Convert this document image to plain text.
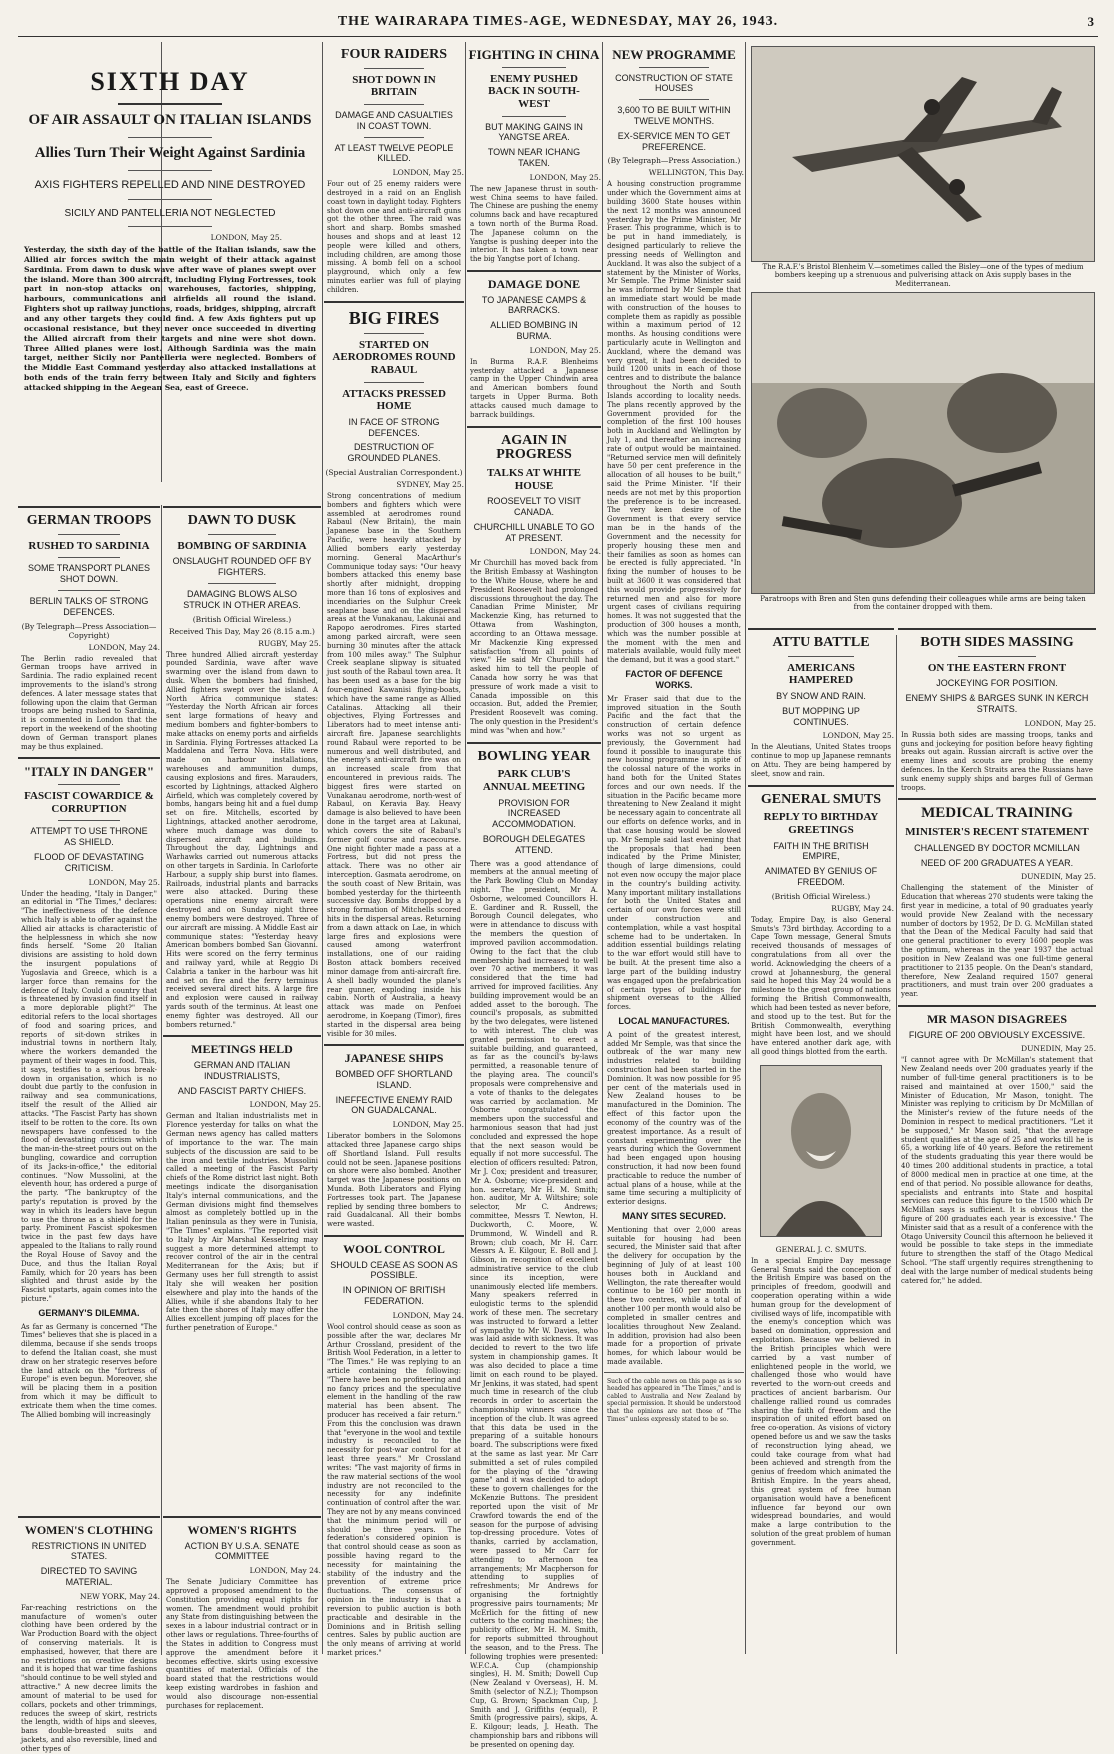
THE WAIRARAPA TIMES-AGE, WEDNESDAY, MAY 26, 1943.	3
SIXTH DAY
OF AIR ASSAULT ON ITALIAN ISLANDS
Allies Turn Their Weight Against Sardinia
AXIS FIGHTERS REPELLED AND NINE DESTROYED
SICILY AND PANTELLERIA NOT NEGLECTED
LONDON, May 25.
Yesterday, the sixth day of the battle of the Italian islands, saw the Allied air forces switch the main weight of their attack against Sardinia. From dawn to dusk wave after wave of planes swept over the island. More than 300 aircraft, including Flying Fortresses, took part in non-stop attacks on warehouses, factories, shipping, harbours, communications and airfields all round the island. Fighters shot up railway junctions, roads, bridges, shipping, aircraft and any other targets they could find. A few Axis fighters put up occasional resistance, but they never once succeeded in diverting the Allied aircraft from their targets and nine were shot down. Three Allied planes were lost. Although Sardinia was the main target, neither Sicily nor Pantelleria were neglected. Bombers of the Middle East Command yesterday also attacked installations at both ends of the train ferry between Italy and Sicily and fighters attacked shipping in the Aegean Sea, east of Greece.
GERMAN TROOPS
RUSHED TO SARDINIA
SOME TRANSPORT PLANES SHOT DOWN.
BERLIN TALKS OF STRONG DEFENCES.
(By Telegraph—Press Association—Copyright)
LONDON, May 24.
The Berlin radio revealed that German troops have arrived in Sardinia. The radio explained recent improvements to the island's strong defences. A later message states that following upon the claim that German troops are being rushed to Sardinia, it is commented in London that the report in the weekend of the shooting down of German transport planes may be thus explained.
"ITALY IN DANGER"
FASCIST COWARDICE & CORRUPTION
ATTEMPT TO USE THRONE AS SHIELD.
FLOOD OF DEVASTATING CRITICISM.
LONDON, May 25.
Under the heading, "Italy in Danger," an editorial in "The Times," declares: "The ineffectiveness of the defence which Italy is able to offer against the Allied air attacks is characteristic of the helplessness in which she now finds herself. "Some 20 Italian divisions are assisting to hold down the insurgent populations of Yugoslavia and Greece, which is a larger force than remains for the defence of Italy. Could a country that is threatened by invasion find itself in a more deplorable plight?" The editorial refers to the local shortages of food and soaring prices, and reports of sit-down strikes in industrial towns in northern Italy, where the workers demanded the payment of their wages in food. This, it says, testifies to a serious break-down in organisation, which is no doubt due partly to the confusion in railway and sea communications, itself the result of the Allied air attacks. "The Fascist Party has shown itself to be rotten to the core. Its own newspapers have confessed to the flood of devastating criticism which the man-in-the-street pours out on the bungling, cowardice and corruption of its Jacks-in-office," the editorial continues. "Now Mussolini, at the eleventh hour, has ordered a purge of the party. "The bankruptcy of the party's reputation is proved by the way in which its leaders have begun to use the throne as a shield for the party. Prominent Fascist spokesmen twice in the past few days have appealed to the Italians to rally round the Royal House of Savoy and the Duce, and thus the Italian Royal Family, which for 20 years has been slighted and thrust aside by the Fascist upstarts, again comes into the picture."
GERMANY'S DILEMMA.
As far as Germany is concerned "The Times" believes that she is placed in a dilemma, because if she sends troops to defend the Italian coast, she must draw on her strategic reserves before the land attack on the "fortress of Europe" is even begun. Moreover, she will be placing them in a position from which it may be difficult to extricate them when the time comes. The Allied bombing will increasingly
DAWN TO DUSK
BOMBING OF SARDINIA
ONSLAUGHT ROUNDED OFF BY FIGHTERS.
DAMAGING BLOWS ALSO STRUCK IN OTHER AREAS.
(British Official Wireless.)
Received This Day, May 26 (8.15 a.m.)
RUGBY, May 25.
Three hundred Allied aircraft yesterday pounded Sardinia, wave after wave swarming over the island from dawn to dusk. When the bombers had finished, Allied fighters swept over the island. A North Africa communique states: "Yesterday the North African air forces sent large formations of heavy and medium bombers and fighter-bombers to make attacks on enemy ports and airfields in Sardinia. Flying Fortresses attacked La Maddalena and Terra Nova. Hits were made on harbour installations, warehouses and ammunition dumps, causing explosions and fires. Marauders, escorted by Lightnings, attacked Alghero Airfield, which was completely covered by bombs, hangars being hit and a fuel dump set on fire. Mitchells, escorted by Lightnings, attacked another aerodrome, where much damage was done to dispersed aircraft and buildings. Throughout the day, Lightnings and Warhawks carried out numerous attacks on other targets in Sardinia. In Carloforte Harbour, a supply ship burst into flames. Railroads, industrial plants and barracks were also attacked. During these operations nine enemy aircraft were destroyed and on Sunday night three enemy bombers were destroyed. Three of our aircraft are missing. A Middle East air communique states: "Yesterday heavy American bombers bombed San Giovanni. Hits were scored on the ferry terminus and railway yard, while at Reggio Di Calabria a tanker in the harbour was hit and set on fire and the ferry terminus received several direct hits. A large fire and explosion were caused in railway yards south of the terminus. At least one enemy fighter was destroyed. All our bombers returned."
MEETINGS HELD
GERMAN AND ITALIAN INDUSTRIALISTS,
AND FASCIST PARTY CHIEFS.
LONDON, May 25.
German and Italian industrialists met in Florence yesterday for talks on what the German news agency has called matters of importance to the war. The main subjects of the discussion are said to be the iron and textile industries. Mussolini called a meeting of the Fascist Party chiefs of the Rome district last night. Both meetings indicate the disorganisation Italy's internal communications, and the German divisions might find themselves almost as completely bottled up in the Italian peninsula as they were in Tunisia, "The Times" explains. "The reported visit to Italy by Air Marshal Kesselring may suggest a more determined attempt to recover control of the air in the central Mediterranean for the Axis; but if Germany uses her full strength to assist Italy she will weaken her position elsewhere and play into the hands of the Allies, while if she abandons Italy to her fate then the shores of Italy may offer the Allies excellent jumping off places for the further penetration of Europe."
WOMEN'S CLOTHING
RESTRICTIONS IN UNITED STATES.
DIRECTED TO SAVING MATERIAL.
NEW YORK, May 24.
Far-reaching restrictions on the manufacture of women's outer clothing have been ordered by the War Production Board with the object of conserving materials. It is emphasised, however, that there are no restrictions on creative designs and it is hoped that war time fashions "should continue to be well styled and attractive." A new decree limits the amount of material to be used for collars, pockets and other trimmings, reduces the sweep of skirt, restricts the length, width of hips and sleeves, bans double-breasted suits and jackets, and also reversible, lined and other types of
WOMEN'S RIGHTS
ACTION BY U.S.A. SENATE COMMITTEE
LONDON, May 24.
The Senate Judiciary Committee has approved a proposed amendment to the Constitution providing equal rights for women. The amendment would prohibit any State from distinguishing between the sexes in a labour industrial contract or in other laws or regulations. Three-fourths of the States in addition to Congress must approve the amendment before it becomes effective. skirts using excessive quantities of material. Officials of the board stated that the restrictions would keep existing wardrobes in fashion and would also discourage non-essential purchases for replacement.
FOUR RAIDERS
SHOT DOWN IN BRITAIN
DAMAGE AND CASUALTIES IN COAST TOWN.
AT LEAST TWELVE PEOPLE KILLED.
LONDON, May 25.
Four out of 25 enemy raiders were destroyed in a raid on an English coast town in daylight today. Fighters shot down one and anti-aircraft guns got the other three. The raid was short and sharp. Bombs smashed houses and shops and at least 12 people were killed and others, including children, are among those missing. A bomb fell on a school playground, which only a few minutes earlier was full of playing children.
BIG FIRES
STARTED ON AERODROMES ROUND RABAUL
ATTACKS PRESSED HOME
IN FACE OF STRONG DEFENCES.
DESTRUCTION OF GROUNDED PLANES.
(Special Australian Correspondent.)
SYDNEY, May 25.
Strong concentrations of medium bombers and fighters which were assembled at aerodromes round Rabaul (New Britain), the main Japanese base in the Southern Pacific, were heavily attacked by Allied bombers early yesterday morning. General MacArthur's Communique today says: "Our heavy bombers attacked this enemy base shortly after midnight, dropping more than 16 tons of explosives and incendiaries on the Sulphur Creek seaplane base and on the dispersal areas at the Vunakanau, Lakunai and Rapopo aerodromes. Fires started among parked aircraft, were seen burning 30 minutes after the attack from 100 miles away." The Sulphur Creek seaplane slipway is situated just south of the Rabaul town area. It has been used as a base for the big four-engined Kawanisi flying-boats, which have the same range as Allied Catalinas. Attacking all their objectives, Flying Fortresses and Liberators had to meet intense anti-aircraft fire. Japanese searchlights round Rabaul were reported to be numerous and well distributed, and the enemy's anti-aircraft fire was on an increased scale from that encountered in previous raids. The biggest fires were started on Vunakanau aerodrome, north-west of Rabaul, on Keravia Bay. Heavy damage is also believed to have been done in the target area at Lakunai, which covers the site of Rabaul's former golf course and racecourse. One night fighter made a pass at a Fortress, but did not press the attack. There was no other air interception. Gasmata aerodrome, on the south coast of New Britain, was bombed yesterday for the thirteenth successive day. Bombs dropped by a strong formation of Mitchells scored hits in the dispersal areas. Returning from a dawn attack on Lae, in which large fires and explosions were caused among waterfront installations, one of our raiding Boston attack bombers received minor damage from anti-aircraft fire. A shell badly wounded the plane's rear gunner, exploding inside his cabin. North of Australia, a heavy attack was made on Penfoei aerodrome, in Koepang (Timor), fires started in the dispersal area being visible for 30 miles.
JAPANESE SHIPS
BOMBED OFF SHORTLAND ISLAND.
INEFFECTIVE ENEMY RAID ON GUADALCANAL.
LONDON, May 25.
Liberator bombers in the Solomons attacked three Japanese cargo ships off Shortland Island. Full results could not be seen. Japanese positions on shore were also bombed. Another target was the Japanese positions on Munda. Both Liberators and Flying Fortresses took part. The Japanese replied by sending three bombers to raid Guadalcanal. All their bombs were wasted.
WOOL CONTROL
SHOULD CEASE AS SOON AS POSSIBLE.
IN OPINION OF BRITISH FEDERATION.
LONDON, May 24.
Wool control should cease as soon as possible after the war, declares Mr Arthur Crossland, president of the British Wool Federation, in a letter to "The Times." He was replying to an article containing the following: "There have been no profiteering and no fancy prices and the speculative element in the handling of the raw material has been absent. The producer has received a fair return." From this the conclusion was drawn that "everyone in the wool and textile industry is reconciled to the necessity for post-war control for at least three years." Mr Crossland writes: "The vast majority of firms in the raw material sections of the wool industry are not reconciled to the necessity for any indefinite continuation of control after the war. They are not by any means convinced that the minimum period will or should be three years. The federation's considered opinion is that control should cease as soon as possible having regard to the necessity for maintaining the stability of the industry and the prevention of extreme price fluctuations. The consensus of opinion in the industry is that a reversion to public auction is both practicable and desirable in the Dominions and in British selling centres. Sales by public auction are the only means of arriving at world market prices."
FIGHTING IN CHINA
ENEMY PUSHED BACK IN SOUTH-WEST
BUT MAKING GAINS IN YANGTSE AREA.
TOWN NEAR ICHANG TAKEN.
LONDON, May 25.
The new Japanese thrust in south-west China seems to have failed. The Chinese are pushing the enemy columns back and have recaptured a town north of the Burma Road. The Japanese column on the Yangtse is pushing deeper into the interior. It has taken a town near the big Yangtse port of Ichang.
DAMAGE DONE
TO JAPANESE CAMPS & BARRACKS.
ALLIED BOMBING IN BURMA.
LONDON, May 25.
In Burma R.A.F. Blenheims yesterday attacked a Japanese camp in the Upper Chindwin area and American bombers found targets in Upper Burma. Both attacks caused much damage to barrack buildings.
AGAIN IN PROGRESS
TALKS AT WHITE HOUSE
ROOSEVELT TO VISIT CANADA.
CHURCHILL UNABLE TO GO AT PRESENT.
LONDON, May 24.
Mr Churchill has moved back from the British Embassy at Washington to the White House, where he and President Roosevelt had prolonged discussions throughout the day. The Canadian Prime Minister, Mr Mackenzie King, has returned to Ottawa from Washington, according to an Ottawa message. Mr Mackenzie King expressed satisfaction "from all points of view." He said Mr Churchill had asked him to tell the people of Canada how sorry he was that pressure of work made a visit to Canada impossible on this occasion. But, added the Premier, President Roosevelt was coming. The only question in the President's mind was "when and how."
BOWLING YEAR
PARK CLUB'S ANNUAL MEETING
PROVISION FOR INCREASED ACCOMMODATION.
BOROUGH DELEGATES ATTEND.
There was a good attendance of members at the annual meeting of the Park Bowling Club on Monday night. The president, Mr A. Osborne, welcomed Councillors H. E. Gardiner and R. Russell, the Borough Council delegates, who were in attendance to discuss with the members the question of improved pavilion accommodation. Owing to the fact that the club membership had increased to well over 70 active members, it was considered that the time had arrived for improved facilities. Any building improvement would be an added asset to the borough. The council's proposals, as submitted by the two delegates, were listened to with interest. The club was granted permission to erect a suitable building, and guaranteed, as far as the council's by-laws permitted, a reasonable tenure of the playing area. The council's proposals were comprehensive and a vote of thanks to the delegates was carried by acclamation. Mr Osborne congratulated the members upon the successful and harmonious season that had just concluded and expressed the hope that the next season would be equally if not more successful. The election of officers resulted: Patron, Mr J. Cox; president and treasurer, Mr A. Osborne; vice-president and hon. secretary, Mr H. M. Smith; hon. auditor, Mr A. Wiltshire; sole selector, Mr C. Andrews; committee, Messrs T. Newton, H. Duckworth, C. Moore, W. Drummond, W. Windell and R. Brown; club coach, Mr H. Carr. Messrs A. E. Kilgour, E. Boll and J. Gibson, in recognition of excellent administrative service to the club since its inception, were unanimously elected life members. Many speakers referred in eulogistic terms to the splendid work of these men. The secretary was instructed to forward a letter of sympathy to Mr W. Davies, who was laid aside with sickness. It was decided to revert to the two life system in championship games. It was also decided to place a time limit on each round to be played. Mr Jenkins, it was stated, had spent much time in research of the club records in order to ascertain the championship winners since the inception of the club. It was agreed that this data be used in the preparing of a suitable honours board. The subscriptions were fixed at the same as last year. Mr Carr submitted a set of rules compiled for the playing of the "drawing game" and it was decided to adopt these to govern challenges for the McKenzie Buttons. The president reported upon the visit of Mr Crawford towards the end of the season for the purpose of advising top-dressing procedure. Votes of thanks, carried by acclamation, were passed to Mr Carr for attending to afternoon tea arrangements; Mr Macpherson for attending to supplies of refreshments; Mr Andrews for organising the fortnightly progressive pairs tournaments; Mr McErlich for the fitting of new cutters to the coring machines; the publicity officer, Mr H. M. Smith, for reports submitted throughout the season, and to the Press. The following trophies were presented: W.F.C.A. Cup (championship singles), H. M. Smith; Dowell Cup (New Zealand v Overseas), H. M. Smith (selector of N.Z.); Thompson Cup, G. Brown; Spackman Cup, J. Smith and J. Griffiths (equal), P. Smith (progressive pairs), skips, A. E. Kilgour; leads, J. Heath. The championship bars and ribbons will be presented on opening day.
NEW PROGRAMME
CONSTRUCTION OF STATE HOUSES
3,600 TO BE BUILT WITHIN TWELVE MONTHS.
EX-SERVICE MEN TO GET PREFERENCE.
(By Telegraph—Press Association.)
WELLINGTON, This Day.
A housing construction programme under which the Government aims at building 3600 State houses within the next 12 months was announced yesterday by the Prime Minister, Mr Fraser. This programme, which is to be put in hand immediately, is designed particularly to relieve the pressing needs of Wellington and Auckland. It was also the subject of a statement by the Minister of Works, Mr Semple. The Prime Minister said he was informed by Mr Semple that an immediate start would be made with construction of the houses to complete them as rapidly as possible within a maximum period of 12 months. As housing conditions were particularly acute in Wellington and Auckland, where the demand was very great, it had been decided to build 1200 units in each of those centres and to distribute the balance throughout the North and South Islands according to locality needs. The plans recently approved by the Government provided for the completion of the first 100 houses both in Auckland and Wellington by July 1, and thereafter an increasing rate of output would be maintained. "Returned service men will definitely have 50 per cent preference in the allocation of all houses to be built," said the Prime Minister. "If their needs are not met by this proportion the preference is to be increased. The very keen desire of the Government is that every service man be in the hands of the Government and the necessity for properly housing these men and their families as soon as homes can be erected is fully appreciated. "In fixing the number of houses to be built at 3600 it was considered that this would provide progressively for returned men and also for more urgent cases of civilians requiring homes. It was not suggested that the production of 300 houses a month, which was the number possible at the moment with the men and materials available, would fully meet the demand, but it was a good start."
FACTOR OF DEFENCE WORKS.
Mr Fraser said that due to the improved situation in the South Pacific and the fact that the construction of certain defence works was not so urgent as previously, the Government had found it possible to inaugurate this new housing programme in spite of the colossal nature of the works in hand both for the United States forces and our own needs. If the situation in the Pacific became more threatening to New Zealand it might be necessary again to concentrate all our efforts on defence works, and in that case housing would be slowed up. Mr Semple said last evening that the proposals that had been indicated by the Prime Minister, though of large dimensions, could not even now occupy the major place in the country's building activity. Many important military installations for both the United States and certain of our own forces were still under construction and contemplation, while a vast hospital scheme had to be undertaken. In addition essential buildings relating to the war effort would still have to be built. At the present time also a large part of the building industry was engaged upon the prefabrication of certain types of buildings for shipment overseas to the Allied forces.
LOCAL MANUFACTURES.
A point of the greatest interest, added Mr Semple, was that since the outbreak of the war many new industries related to building construction had been started in the Dominion. It was now possible for 95 per cent of the materials used in New Zealand houses to be manufactured in the Dominion. The effect of this factor upon the economy of the country was of the greatest importance. As a result of constant experimenting over the years during which the Government had been engaged upon housing construction, it had now been found practicable to reduce the number of actual plans of a house, while at the same time securing a multiplicity of exterior designs.
MANY SITES SECURED.
Mentioning that over 2,000 areas suitable for housing had been secured, the Minister said that after the delivery for occupation by the beginning of July of at least 100 houses both in Auckland and Wellington, the rate thereafter would continue to be 160 per month in these two centres, while a total of another 100 per month would also be completed in smaller centres and localities throughout New Zealand. In addition, provision had also been made for a proportion of private homes, for which labour would be made available.
Such of the cable news on this page as is so headed has appeared in "The Times," and is cabled to Australia and New Zealand by special permission. It should be understood that the opinions are not those of "The Times" unless expressly stated to be so.
The R.A.F.'s Bristol Blenheim V.—sometimes called the Bisley—one of the types of medium bombers keeping up a strenuous and pulverising attack on Axis supply bases in the Mediterranean.
Paratroops with Bren and Sten guns defending their colleagues while arms are being taken from the container dropped with them.
ATTU BATTLE
AMERICANS HAMPERED
BY SNOW AND RAIN.
BUT MOPPING UP CONTINUES.
LONDON, May 25.
In the Aleutians, United States troops continue to mop up Japanese remnants on Attu. They are being hampered by sleet, snow and rain.
GENERAL SMUTS
REPLY TO BIRTHDAY GREETINGS
FAITH IN THE BRITISH EMPIRE,
ANIMATED BY GENIUS OF FREEDOM.
(British Official Wireless.)
RUGBY, May 24.
Today, Empire Day, is also General Smuts's 73rd birthday. According to a Cape Town message, General Smuts received thousands of messages of congratulations from all over the world. Acknowledging the cheers of a crowd at Johannesburg, the general said he hoped this May 24 would be a milestone to the great group of nations forming the British Commonwealth, which had been tested as never before, and stood up to the test. But for the British Commonwealth, everything might have been lost, and we should have entered another dark age, with all good things blotted from the earth.
GENERAL J. C. SMUTS.
In a special Empire Day message General Smuts said the conception of the British Empire was based on the principles of freedom, goodwill and cooperation operating within a wide human group for the development of civilised ways of life, incompatible with the enemy's conception which was based on domination, oppression and exploitation. Because we believed in the British principles which were carried by a vast number of enlightened people in the world, we challenged those who would have reverted to the worn-out creeds and practices of ancient barbarism. Our challenge rallied round us comrades sharing the faith of freedom and the inspiration of united effort based on free co-operation. As visions of victory opened before us and we saw the tasks of reconstruction lying ahead, we could take courage from what had been achieved and strength from the genius of freedom which animated the British Empire. In the years ahead, this great system of free human organisation would have a beneficent influence far beyond our own widespread boundaries, and would make a large contribution to the solution of the great problem of human government.
BOTH SIDES MASSING
ON THE EASTERN FRONT
JOCKEYING FOR POSITION.
ENEMY SHIPS & BARGES SUNK IN KERCH STRAITS.
LONDON, May 25.
In Russia both sides are massing troops, tanks and guns and jockeying for position before heavy fighting breaks out again. Russian aircraft is active over the enemy lines and scouts are probing the enemy defences. In the Kerch Straits area the Russians have sunk enemy supply ships and barges full of German troops.
MEDICAL TRAINING
MINISTER'S RECENT STATEMENT
CHALLENGED BY DOCTOR MCMILLAN
NEED OF 200 GRADUATES A YEAR.
DUNEDIN, May 25.
Challenging the statement of the Minister of Education that whereas 270 students were taking the first year in medicine, a total of 90 graduates yearly would provide New Zealand with the necessary number of doctors by 1952, Dr D. G. McMillan stated that the Dean of the Medical Faculty had said that one general practitioner to every 1600 people was the optimum, whereas in the year 1937 the actual position in New Zealand was one full-time general practitioner to 2135 people. On the Dean's standard, therefore, New Zealand required 1507 general practitioners, and must train over 200 graduates a year.
MR MASON DISAGREES
FIGURE OF 200 OBVIOUSLY EXCESSIVE.
DUNEDIN, May 25.
"I cannot agree with Dr McMillan's statement that New Zealand needs over 200 graduates yearly if the number of full-time general practitioners is to be raised and maintained at over 1500," said the Minister of Education, Mr Mason, tonight. The Minister was replying to criticism by Dr McMillan of the Minister's review of the future needs of the Dominion in respect to medical practitioners. "Let it be supposed," Mr Mason said, "that the average student qualifies at the age of 25 and works till he is 65, a working life of 40 years. Before the retirement of the students graduating this year there would be 40 times 200 additional students in practice, a total of 8000 medical men in practice at one time, at the end of that period. No possible allowance for deaths, specialists and entrants into State and hospital services can reduce this figure to the 1500 which Dr McMillan says is sufficient. It is obvious that the figure of 200 graduates each year is excessive." The Minister said that as a result of a conference with the Otago University Council this afternoon he believed it would be possible to take steps in the immediate future to strengthen the staff of the Otago Medical School. "The staff urgently requires strengthening to deal with the large number of medical students being catered for," he added.
